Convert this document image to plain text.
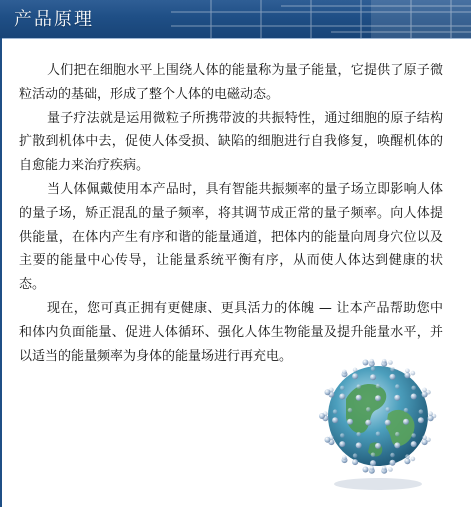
产品原理

人们把在细胞水平上围绕人体的能量称为量子能量，它提供了原子微粒活动的基础，形成了整个人体的电磁动态。

量子疗法就是运用微粒子所携带波的共振特性，通过细胞的原子结构扩散到机体中去，促使人体受损、缺陷的细胞进行自我修复，唤醒机体的自愈能力来治疗疾病。

当人体佩戴使用本产品时，具有智能共振频率的量子场立即影响人体的量子场，矫正混乱的量子频率，将其调节成正常的量子频率。向人体提供能量，在体内产生有序和谐的能量通道，把体内的能量向周身穴位以及主要的能量中心传导，让能量系统平衡有序，从而使人体达到健康的状态。

现在，您可真正拥有更健康、更具活力的体魄 — 让本产品帮助您中和体内负面能量、促进人体循环、强化人体生物能量及提升能量水平，并以适当的能量频率为身体的能量场进行再充电。
